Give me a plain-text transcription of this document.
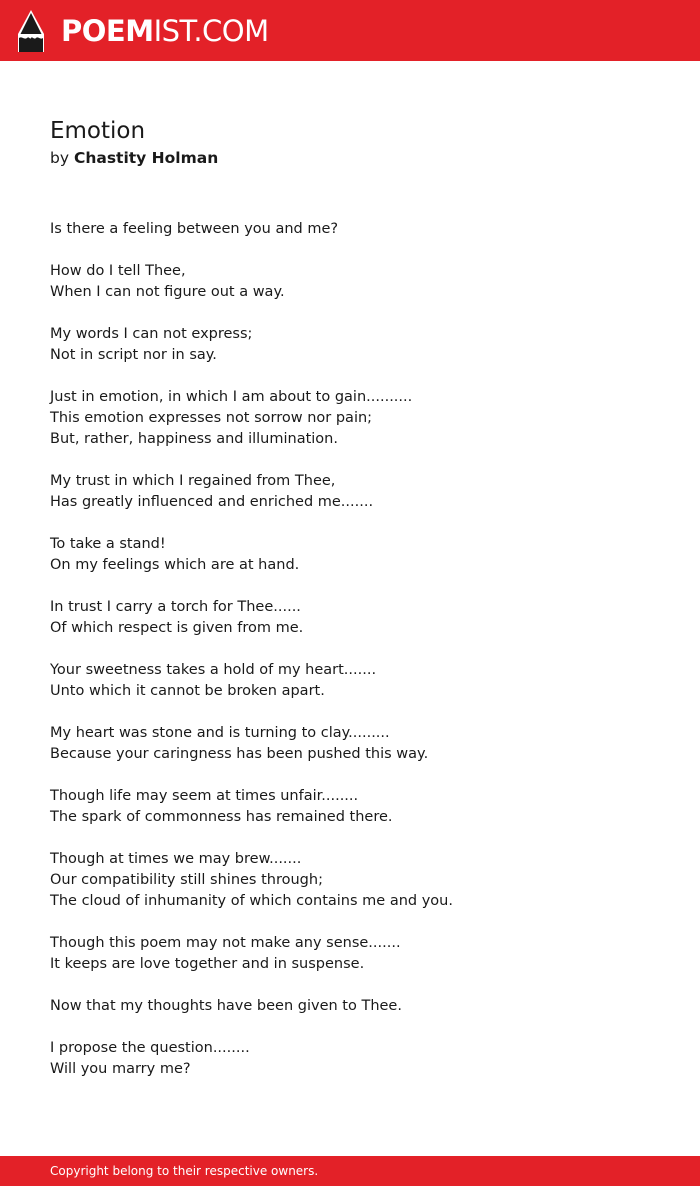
POEMIST.COM
Emotion
by Chastity Holman
Is there a feeling between you and me?
How do I tell Thee,
When I can not figure out a way.
My words I can not express;
Not in script nor in say.
Just in emotion, in which I am about to gain..........
This emotion expresses not sorrow nor pain;
But, rather, happiness and illumination.
My trust in which I regained from Thee,
Has greatly influenced and enriched me.......
To take a stand!
On my feelings which are at hand.
In trust I carry a torch for Thee......
Of which respect is given from me.
Your sweetness takes a hold of my heart.......
Unto which it cannot be broken apart.
My heart was stone and is turning to clay.........
Because your caringness has been pushed this way.
Though life may seem at times unfair........
The spark of commonness has remained there.
Though at times we may brew.......
Our compatibility still shines through;
The cloud of inhumanity of which contains me and you.
Though this poem may not make any sense.......
It keeps are love together and in suspense.
Now that my thoughts have been given to Thee.
I propose the question........
Will you marry me?
Copyright belong to their respective owners.
